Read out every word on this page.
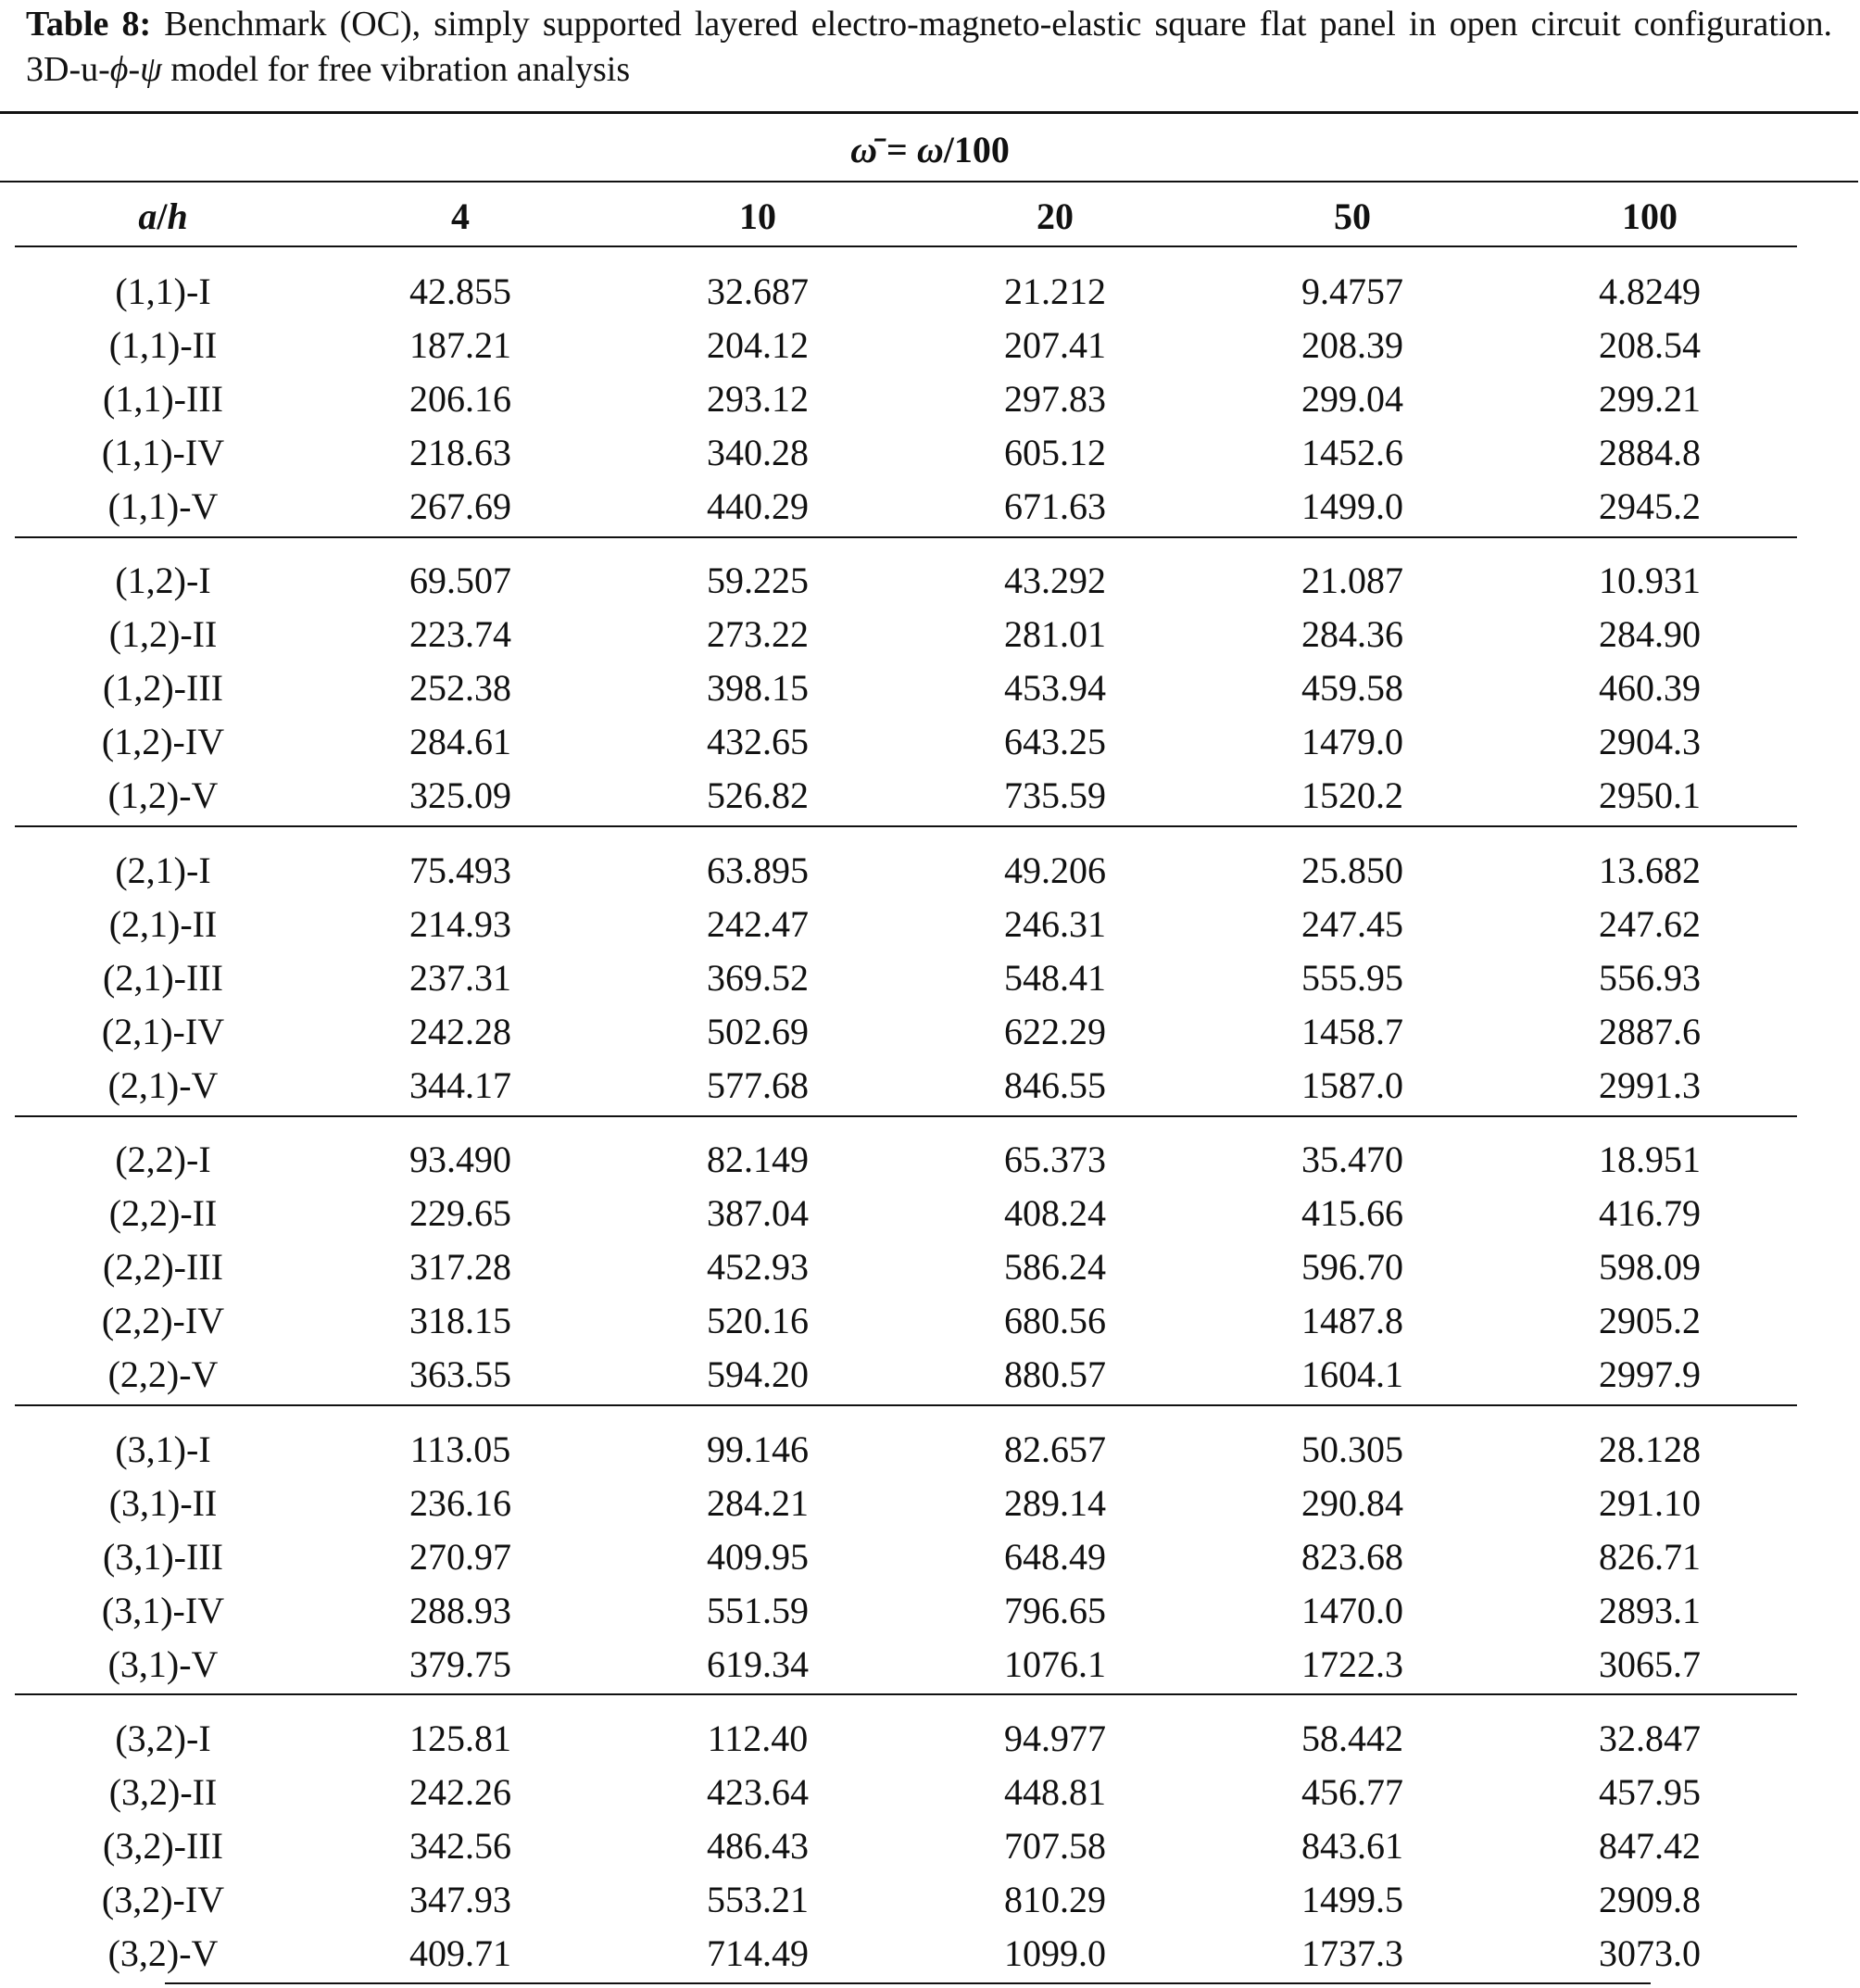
Table 8: Benchmark (OC), simply supported layered electro-magneto-elastic square flat panel in open circuit configuration. 3D-u-ϕ-ψ model for free vibration analysis
ω̄ = ω/100
a/h	4	10	20	50	100
(1,1)-I	42.855	32.687	21.212	9.4757	4.8249
(1,1)-II	187.21	204.12	207.41	208.39	208.54
(1,1)-III	206.16	293.12	297.83	299.04	299.21
(1,1)-IV	218.63	340.28	605.12	1452.6	2884.8
(1,1)-V	267.69	440.29	671.63	1499.0	2945.2
(1,2)-I	69.507	59.225	43.292	21.087	10.931
(1,2)-II	223.74	273.22	281.01	284.36	284.90
(1,2)-III	252.38	398.15	453.94	459.58	460.39
(1,2)-IV	284.61	432.65	643.25	1479.0	2904.3
(1,2)-V	325.09	526.82	735.59	1520.2	2950.1
(2,1)-I	75.493	63.895	49.206	25.850	13.682
(2,1)-II	214.93	242.47	246.31	247.45	247.62
(2,1)-III	237.31	369.52	548.41	555.95	556.93
(2,1)-IV	242.28	502.69	622.29	1458.7	2887.6
(2,1)-V	344.17	577.68	846.55	1587.0	2991.3
(2,2)-I	93.490	82.149	65.373	35.470	18.951
(2,2)-II	229.65	387.04	408.24	415.66	416.79
(2,2)-III	317.28	452.93	586.24	596.70	598.09
(2,2)-IV	318.15	520.16	680.56	1487.8	2905.2
(2,2)-V	363.55	594.20	880.57	1604.1	2997.9
(3,1)-I	113.05	99.146	82.657	50.305	28.128
(3,1)-II	236.16	284.21	289.14	290.84	291.10
(3,1)-III	270.97	409.95	648.49	823.68	826.71
(3,1)-IV	288.93	551.59	796.65	1470.0	2893.1
(3,1)-V	379.75	619.34	1076.1	1722.3	3065.7
(3,2)-I	125.81	112.40	94.977	58.442	32.847
(3,2)-II	242.26	423.64	448.81	456.77	457.95
(3,2)-III	342.56	486.43	707.58	843.61	847.42
(3,2)-IV	347.93	553.21	810.29	1499.5	2909.8
(3,2)-V	409.71	714.49	1099.0	1737.3	3073.0
